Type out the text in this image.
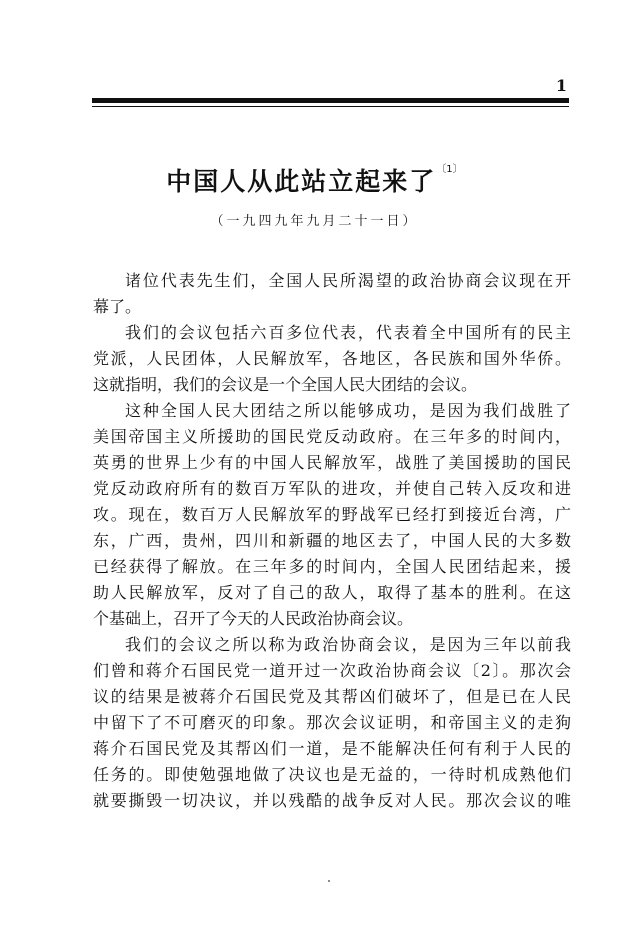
1
中国人从此站立起来了$^{〔1〕}$
（一九四九年九月二十一日）
诸位代表先生们，全国人民所渴望的政治协商会议现在开
幕了。
我们的会议包括六百多位代表，代表着全中国所有的民主
党派，人民团体，人民解放军，各地区，各民族和国外华侨。
这就指明，我们的会议是一个全国人民大团结的会议。
这种全国人民大团结之所以能够成功，是因为我们战胜了
美国帝国主义所援助的国民党反动政府。在三年多的时间内，
英勇的世界上少有的中国人民解放军，战胜了美国援助的国民
党反动政府所有的数百万军队的进攻，并使自己转入反攻和进
攻。现在，数百万人民解放军的野战军已经打到接近台湾，广
东，广西，贵州，四川和新疆的地区去了，中国人民的大多数
已经获得了解放。在三年多的时间内，全国人民团结起来，援
助人民解放军，反对了自己的敌人，取得了基本的胜利。在这
个基础上，召开了今天的人民政治协商会议。
我们的会议之所以称为政治协商会议，是因为三年以前我
们曾和蒋介石国民党一道开过一次政治协商会议〔2〕。那次会
议的结果是被蒋介石国民党及其帮凶们破坏了，但是已在人民
中留下了不可磨灭的印象。那次会议证明，和帝国主义的走狗
蒋介石国民党及其帮凶们一道，是不能解决任何有利于人民的
任务的。即使勉强地做了决议也是无益的，一待时机成熟他们
就要撕毁一切决议，并以残酷的战争反对人民。那次会议的唯
